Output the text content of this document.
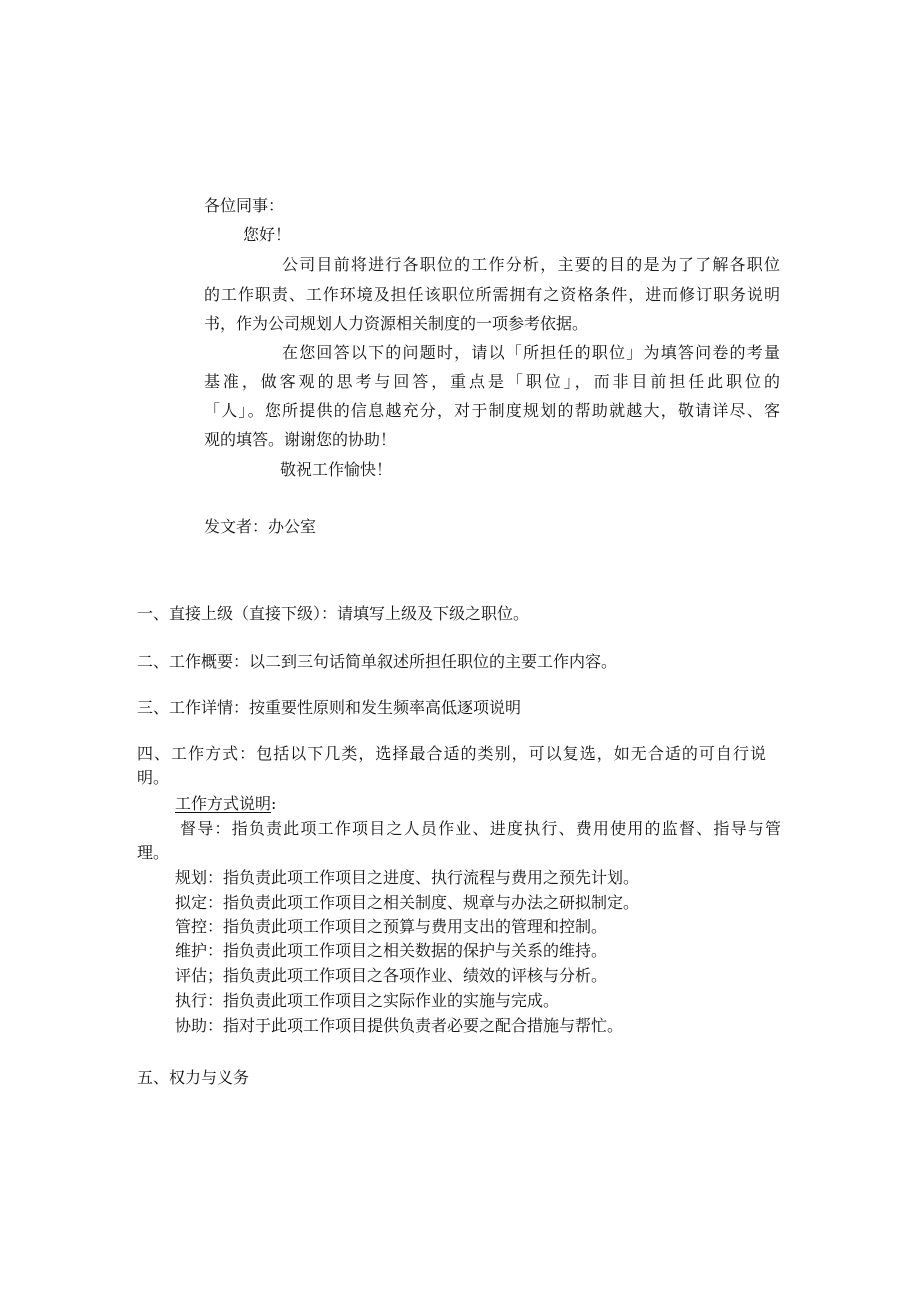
各位同事：
您好！
公司目前将进行各职位的工作分析，主要的目的是为了了解各职位
的工作职责、工作环境及担任该职位所需拥有之资格条件，进而修订职务说明
书，作为公司规划人力资源相关制度的一项参考依据。
在您回答以下的问题时，请以「所担任的职位」为填答问卷的考量
基准，做客观的思考与回答，重点是「职位」，而非目前担任此职位的
「人」。您所提供的信息越充分，对于制度规划的帮助就越大，敬请详尽、客
观的填答。谢谢您的协助！
敬祝工作愉快！
发文者：办公室
一、直接上级（直接下级）：请填写上级及下级之职位。
二、工作概要：以二到三句话简单叙述所担任职位的主要工作内容。
三、工作详情：按重要性原则和发生频率高低逐项说明
四、工作方式：包括以下几类，选择最合适的类别，可以复选，如无合适的可自行说
明。
工作方式说明:
督导：指负责此项工作项目之人员作业、进度执行、费用使用的监督、指导与管
理。
规划：指负责此项工作项目之进度、执行流程与费用之预先计划。
拟定：指负责此项工作项目之相关制度、规章与办法之研拟制定。
管控：指负责此项工作项目之预算与费用支出的管理和控制。
维护：指负责此项工作项目之相关数据的保护与关系的维持。
评估；指负责此项工作项目之各项作业、绩效的评核与分析。
执行：指负责此项工作项目之实际作业的实施与完成。
协助：指对于此项工作项目提供负责者必要之配合措施与帮忙。
五、权力与义务
